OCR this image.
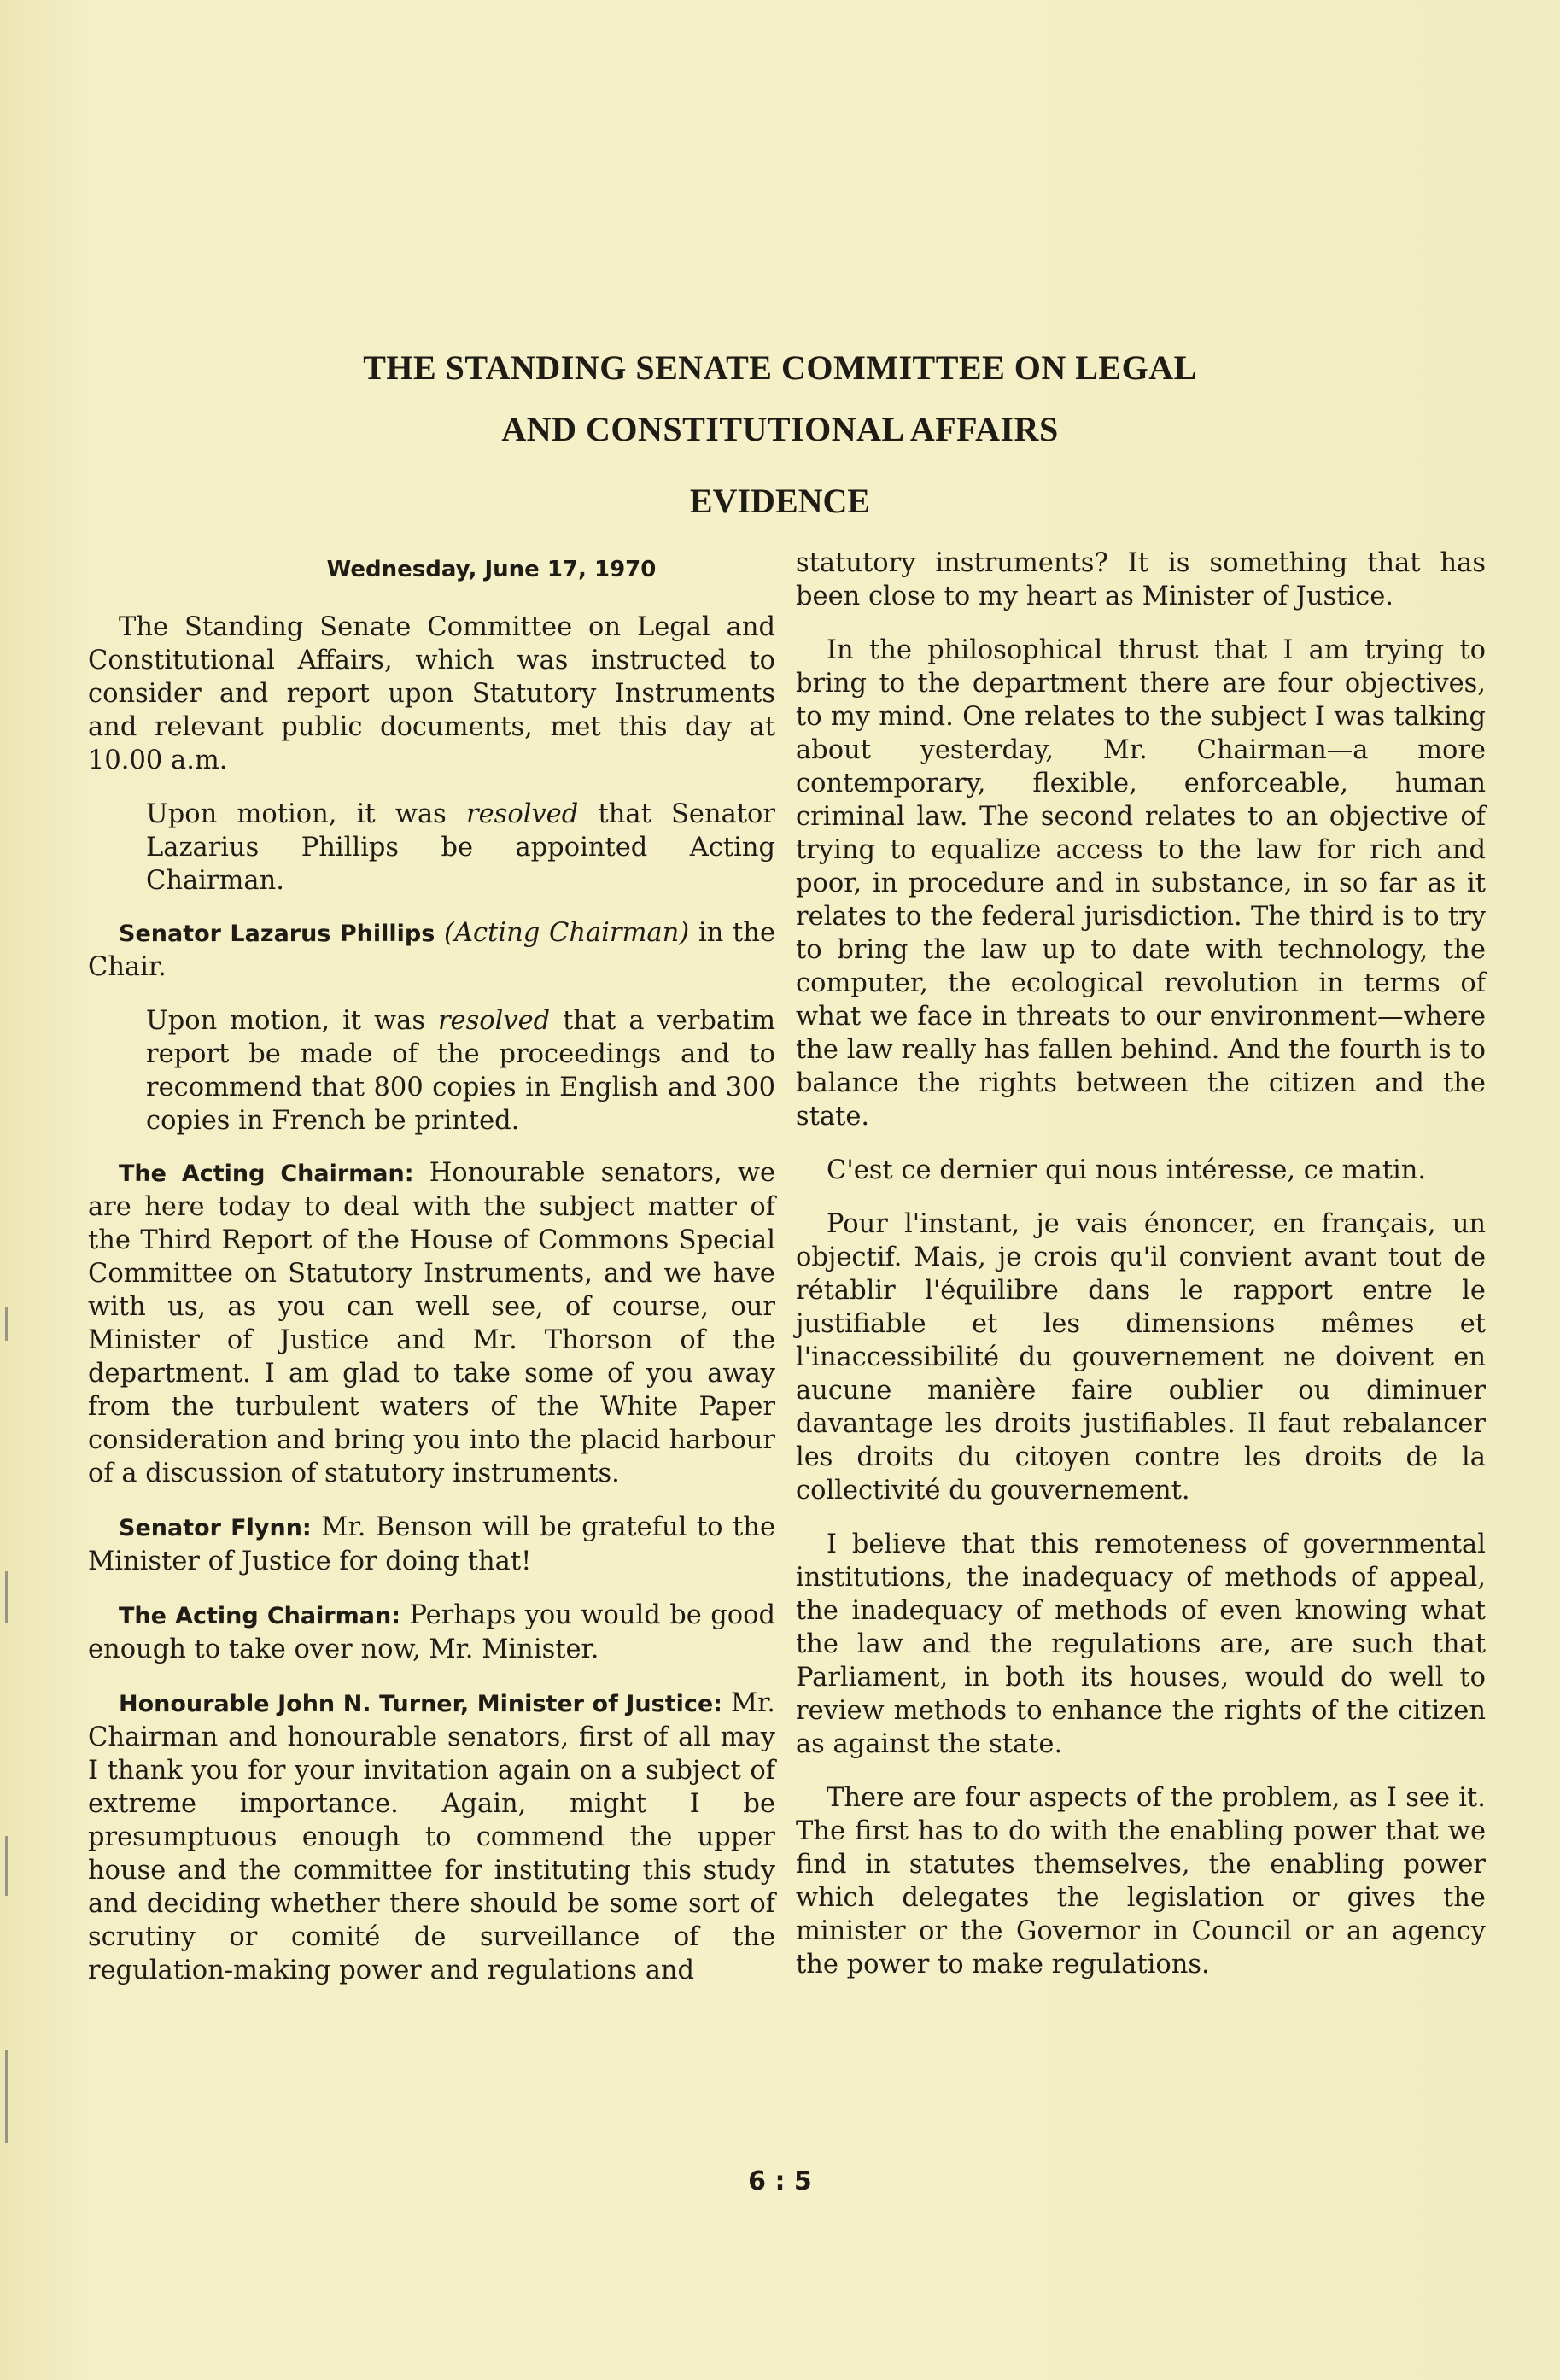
THE STANDING SENATE COMMITTEE ON LEGAL

AND CONSTITUTIONAL AFFAIRS

EVIDENCE
Wednesday, June 17, 1970

The Standing Senate Committee on Legal and Constitutional Affairs, which was instructed to consider and report upon Statutory Instruments and relevant public documents, met this day at 10.00 a.m.

Upon motion, it was resolved that Senator Lazarius Phillips be appointed Acting Chairman.

Senator Lazarus Phillips (Acting Chairman) in the Chair.

Upon motion, it was resolved that a verbatim report be made of the proceedings and to recommend that 800 copies in English and 300 copies in French be printed.

The Acting Chairman: Honourable senators, we are here today to deal with the subject matter of the Third Report of the House of Commons Special Committee on Statutory Instruments, and we have with us, as you can well see, of course, our Minister of Justice and Mr. Thorson of the department. I am glad to take some of you away from the turbulent waters of the White Paper consideration and bring you into the placid harbour of a discussion of statutory instruments.

Senator Flynn: Mr. Benson will be grateful to the Minister of Justice for doing that!

The Acting Chairman: Perhaps you would be good enough to take over now, Mr. Minister.

Honourable John N. Turner, Minister of Justice: Mr. Chairman and honourable senators, first of all may I thank you for your invitation again on a subject of extreme importance. Again, might I be presumptuous enough to commend the upper house and the committee for instituting this study and deciding whether there should be some sort of scrutiny or comité de surveillance of the regulation-making power and regulations and

statutory instruments? It is something that has been close to my heart as Minister of Justice.

In the philosophical thrust that I am trying to bring to the department there are four objectives, to my mind. One relates to the subject I was talking about yesterday, Mr. Chairman—a more contemporary, flexible, enforceable, human criminal law. The second relates to an objective of trying to equalize access to the law for rich and poor, in procedure and in substance, in so far as it relates to the federal jurisdiction. The third is to try to bring the law up to date with technology, the computer, the ecological revolution in terms of what we face in threats to our environment—where the law really has fallen behind. And the fourth is to balance the rights between the citizen and the state.

C'est ce dernier qui nous intéresse, ce matin.

Pour l'instant, je vais énoncer, en français, un objectif. Mais, je crois qu'il convient avant tout de rétablir l'équilibre dans le rapport entre le justifiable et les dimensions mêmes et l'inaccessibilité du gouvernement ne doivent en aucune manière faire oublier ou diminuer davantage les droits justifiables. Il faut rebalancer les droits du citoyen contre les droits de la collectivité du gouvernement.

I believe that this remoteness of governmental institutions, the inadequacy of methods of appeal, the inadequacy of methods of even knowing what the law and the regulations are, are such that Parliament, in both its houses, would do well to review methods to enhance the rights of the citizen as against the state.

There are four aspects of the problem, as I see it. The first has to do with the enabling power that we find in statutes themselves, the enabling power which delegates the legislation or gives the minister or the Governor in Council or an agency the power to make regulations.

6 : 5
